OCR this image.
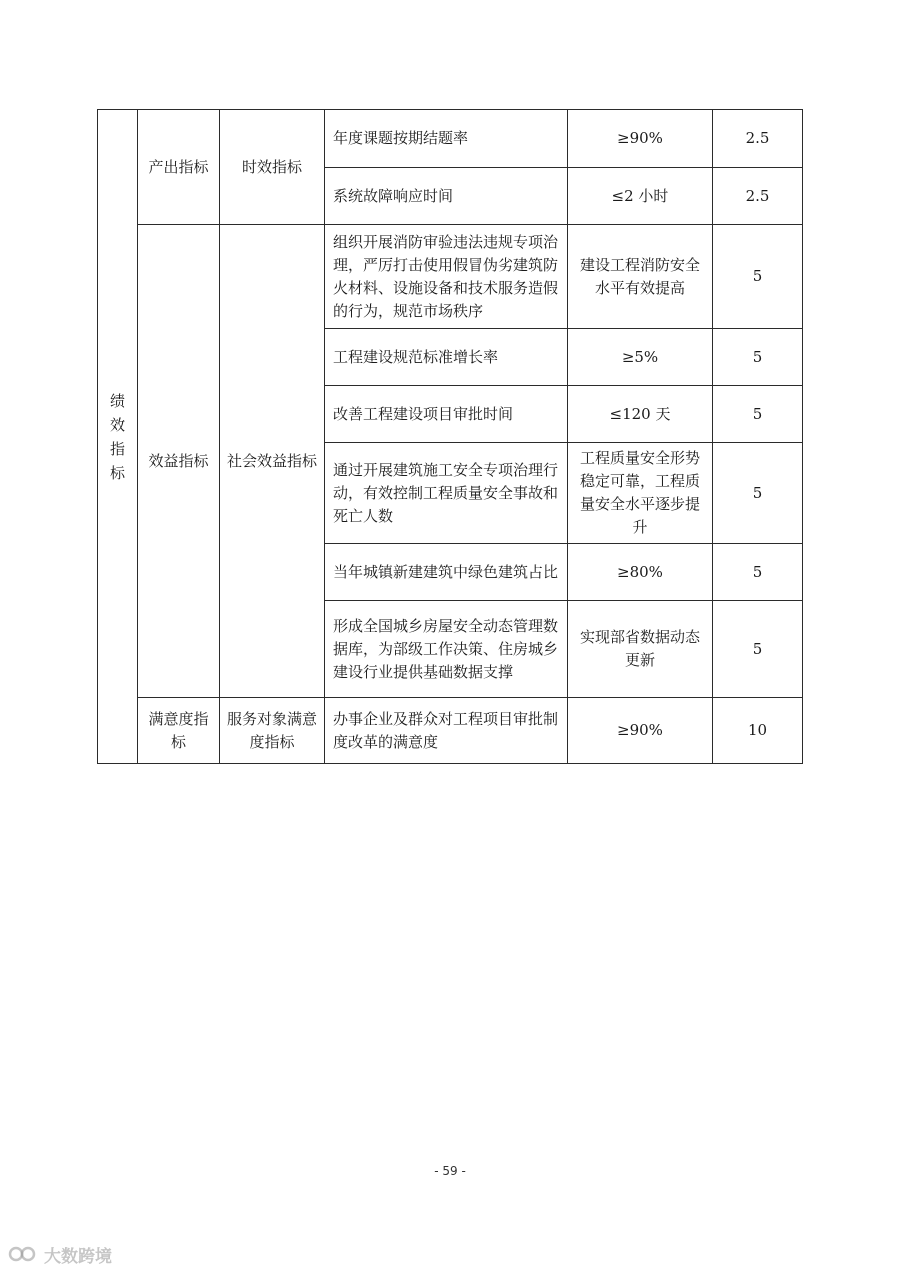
绩效指标	产出指标	时效指标	年度课题按期结题率	≥90%	2.5
			系统故障响应时间	≤2 小时	2.5
	效益指标	社会效益指标	组织开展消防审验违法违规专项治理，严厉打击使用假冒伪劣建筑防火材料、设施设备和技术服务造假的行为，规范市场秩序	建设工程消防安全水平有效提高	5
			工程建设规范标准增长率	≥5%	5
			改善工程建设项目审批时间	≤120 天	5
			通过开展建筑施工安全专项治理行动，有效控制工程质量安全事故和死亡人数	工程质量安全形势稳定可靠，工程质量安全水平逐步提升	5
			当年城镇新建建筑中绿色建筑占比	≥80%	5
			形成全国城乡房屋安全动态管理数据库，为部级工作决策、住房城乡建设行业提供基础数据支撑	实现部省数据动态更新	5
	满意度指标	服务对象满意度指标	办事企业及群众对工程项目审批制度改革的满意度	≥90%	10
- 59 -
大数跨境
